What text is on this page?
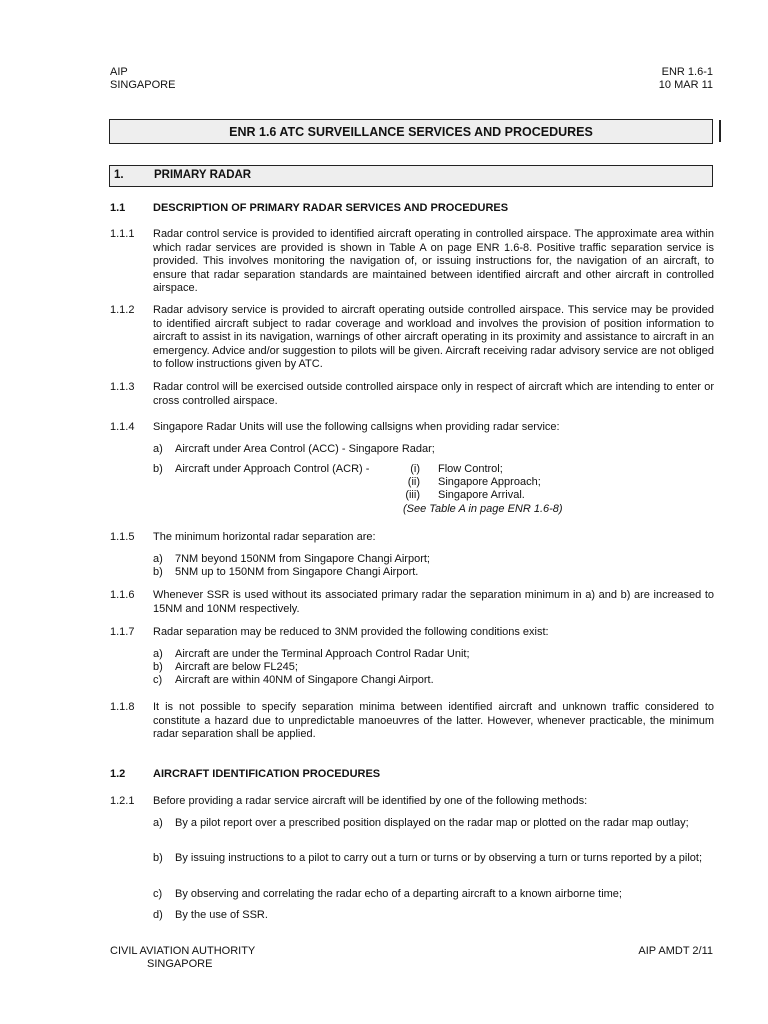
AIP
SINGAPORE
ENR 1.6-1
10 MAR 11
ENR 1.6 ATC SURVEILLANCE SERVICES AND PROCEDURES
1.	PRIMARY RADAR
1.1	DESCRIPTION OF PRIMARY RADAR SERVICES AND PROCEDURES
1.1.1 Radar control service is provided to identified aircraft operating in controlled airspace. The approximate area within which radar services are provided is shown in Table A on page ENR 1.6-8. Positive traffic separation service is provided. This involves monitoring the navigation of, or issuing instructions for, the navigation of an aircraft, to ensure that radar separation standards are maintained between identified aircraft and other aircraft in controlled airspace.
1.1.2 Radar advisory service is provided to aircraft operating outside controlled airspace. This service may be provided to identified aircraft subject to radar coverage and workload and involves the provision of position information to aircraft to assist in its navigation, warnings of other aircraft operating in its proximity and assistance to aircraft in an emergency. Advice and/or suggestion to pilots will be given. Aircraft receiving radar advisory service are not obliged to follow instructions given by ATC.
1.1.3 Radar control will be exercised outside controlled airspace only in respect of aircraft which are intending to enter or cross controlled airspace.
1.1.4 Singapore Radar Units will use the following callsigns when providing radar service:
a) Aircraft under Area Control (ACC) - Singapore Radar;
b) Aircraft under Approach Control (ACR) -	(i) Flow Control;
(ii) Singapore Approach;
(iii) Singapore Arrival.
(See Table A in page ENR 1.6-8)
1.1.5 The minimum horizontal radar separation are:
a) 7NM beyond 150NM from Singapore Changi Airport;
b) 5NM up to 150NM from Singapore Changi Airport.
1.1.6 Whenever SSR is used without its associated primary radar the separation minimum in a) and b) are increased to 15NM and 10NM respectively.
1.1.7 Radar separation may be reduced to 3NM provided the following conditions exist:
a) Aircraft are under the Terminal Approach Control Radar Unit;
b) Aircraft are below FL245;
c) Aircraft are within 40NM of Singapore Changi Airport.
1.1.8 It is not possible to specify separation minima between identified aircraft and unknown traffic considered to constitute a hazard due to unpredictable manoeuvres of the latter. However, whenever practicable, the minimum radar separation shall be applied.
1.2	AIRCRAFT IDENTIFICATION PROCEDURES
1.2.1 Before providing a radar service aircraft will be identified by one of the following methods:
a) By a pilot report over a prescribed position displayed on the radar map or plotted on the radar map outlay;
b) By issuing instructions to a pilot to carry out a turn or turns or by observing a turn or turns reported by a pilot;
c) By observing and correlating the radar echo of a departing aircraft to a known airborne time;
d) By the use of SSR.
CIVIL AVIATION AUTHORITY
SINGAPORE
AIP AMDT 2/11
